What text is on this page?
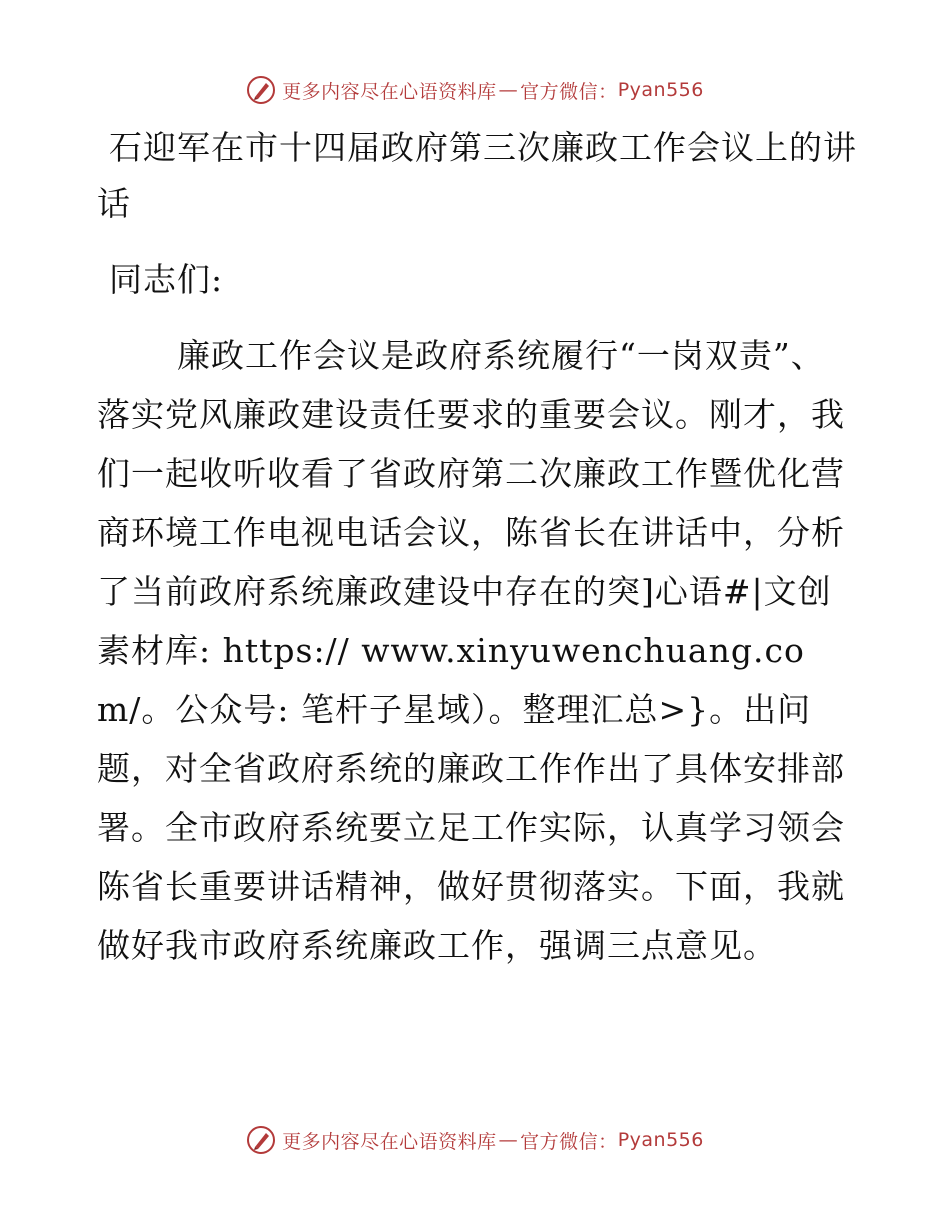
更多内容尽在心语资料库 — 官方微信： Pyan556
石迎军在市十四届政府第三次廉政工作会议上的讲话

同志们:

廉政工作会议是政府系统履行“一岗双责”、落实党风廉政建设责任要求的重要会议。刚才，我们一起收听收看了省政府第二次廉政工作暨优化营商环境工作电视电话会议，陈省长在讲话中，分析了当前政府系统廉政建设中存在的突]心语#|文创素材库: https:// www.xinyuwenchuang.com/。公众号: 笔杆子星域）。整理汇总>}。出问题，对全省政府系统的廉政工作作出了具体安排部署。全市政府系统要立足工作实际，认真学习领会陈省长重要讲话精神，做好贯彻落实。下面，我就做好我市政府系统廉政工作，强调三点意见。

更多内容尽在心语资料库 — 官方微信： Pyan556
